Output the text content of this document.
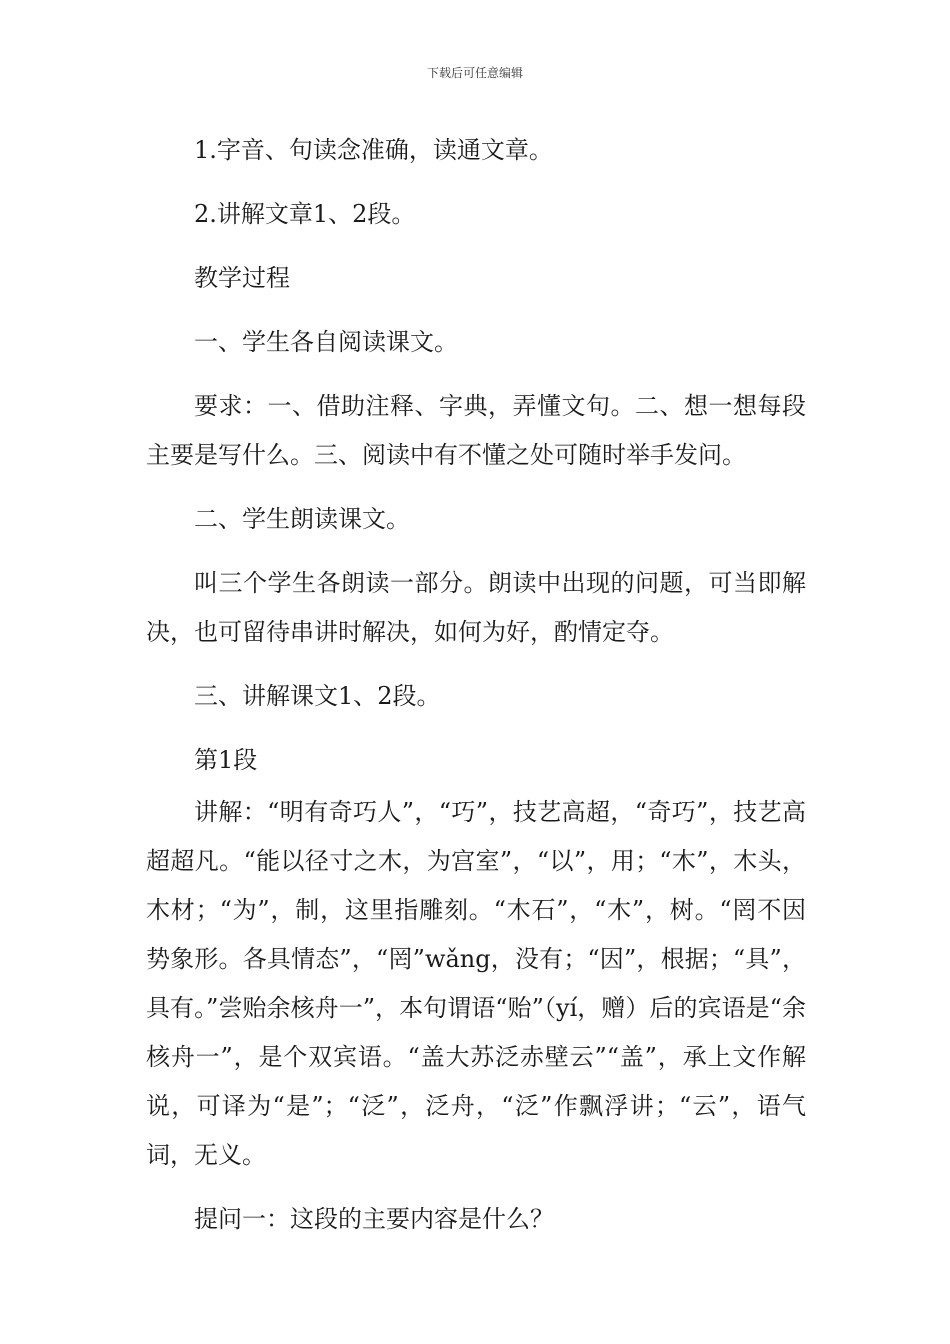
下载后可任意编辑

1.字音、句读念准确，读通文章。

2.讲解文章1、2段。

教学过程

一、学生各自阅读课文。

要求：一、借助注释、字典，弄懂文句。二、想一想每段主要是写什么。三、阅读中有不懂之处可随时举手发问。

二、学生朗读课文。

叫三个学生各朗读一部分。朗读中出现的问题，可当即解决，也可留待串讲时解决，如何为好，酌情定夺。

三、讲解课文1、2段。

第1段

讲解：“明有奇巧人”，“巧”，技艺高超，“奇巧”，技艺高超超凡。“能以径寸之木，为宫室”，“以”，用；“木”，木头，木材；“为”，制，这里指雕刻。“木石”，“木”，树。“罔不因势象形。各具情态”，“罔”wǎng，没有；“因”，根据；“具”，具有。”尝贻余核舟一”，本句谓语“贻”（yí，赠）后的宾语是“余核舟一”，是个双宾语。“盖大苏泛赤壁云”“盖”，承上文作解说，可译为“是”；“泛”，泛舟，“泛”作飘浮讲；“云”，语气词，无义。

提问一：这段的主要内容是什么？
